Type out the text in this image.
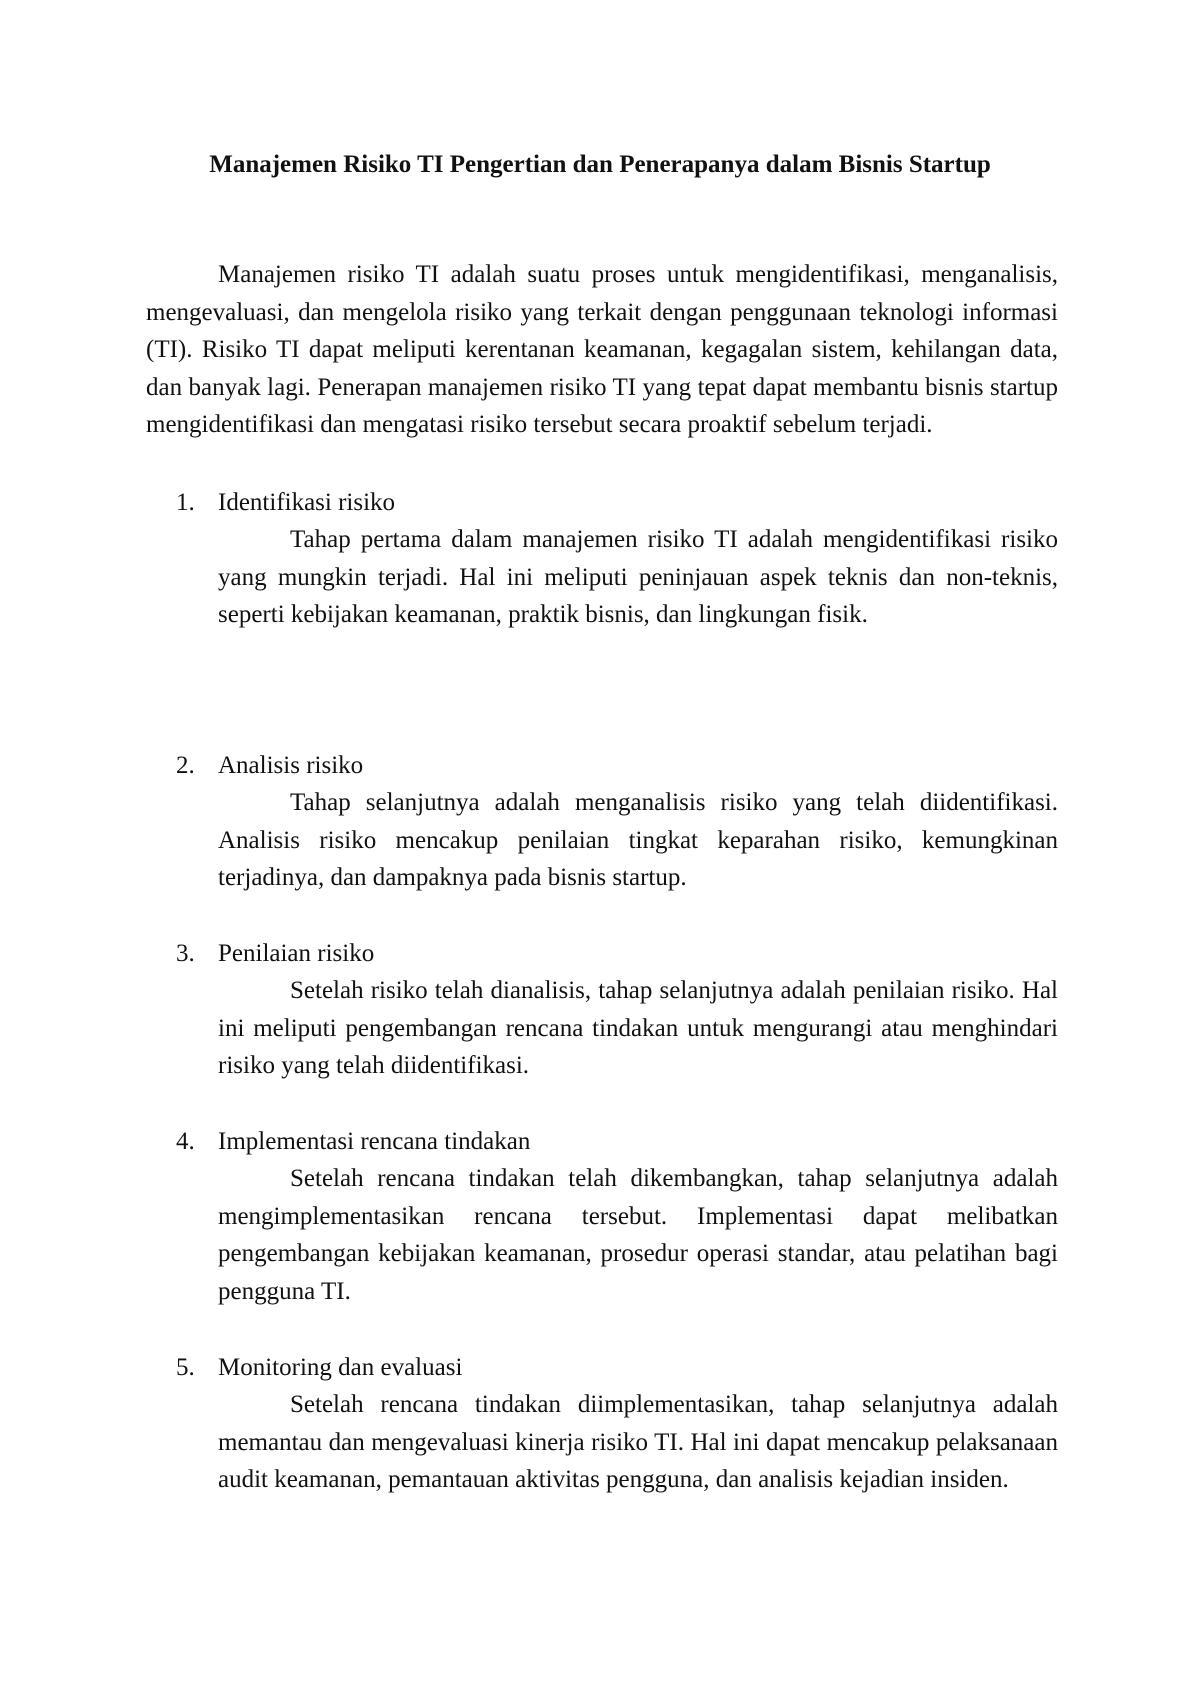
Manajemen Risiko TI Pengertian dan Penerapanya dalam Bisnis Startup

Manajemen risiko TI adalah suatu proses untuk mengidentifikasi, menganalisis, mengevaluasi, dan mengelola risiko yang terkait dengan penggunaan teknologi informasi (TI). Risiko TI dapat meliputi kerentanan keamanan, kegagalan sistem, kehilangan data, dan banyak lagi. Penerapan manajemen risiko TI yang tepat dapat membantu bisnis startup mengidentifikasi dan mengatasi risiko tersebut secara proaktif sebelum terjadi.

1. Identifikasi risiko

Tahap pertama dalam manajemen risiko TI adalah mengidentifikasi risiko yang mungkin terjadi. Hal ini meliputi peninjauan aspek teknis dan non-teknis, seperti kebijakan keamanan, praktik bisnis, dan lingkungan fisik.

2. Analisis risiko

Tahap selanjutnya adalah menganalisis risiko yang telah diidentifikasi. Analisis risiko mencakup penilaian tingkat keparahan risiko, kemungkinan terjadinya, dan dampaknya pada bisnis startup.

3. Penilaian risiko

Setelah risiko telah dianalisis, tahap selanjutnya adalah penilaian risiko. Hal ini meliputi pengembangan rencana tindakan untuk mengurangi atau menghindari risiko yang telah diidentifikasi.

4. Implementasi rencana tindakan

Setelah rencana tindakan telah dikembangkan, tahap selanjutnya adalah mengimplementasikan rencana tersebut. Implementasi dapat melibatkan pengembangan kebijakan keamanan, prosedur operasi standar, atau pelatihan bagi pengguna TI.

5. Monitoring dan evaluasi

Setelah rencana tindakan diimplementasikan, tahap selanjutnya adalah memantau dan mengevaluasi kinerja risiko TI. Hal ini dapat mencakup pelaksanaan audit keamanan, pemantauan aktivitas pengguna, dan analisis kejadian insiden.
